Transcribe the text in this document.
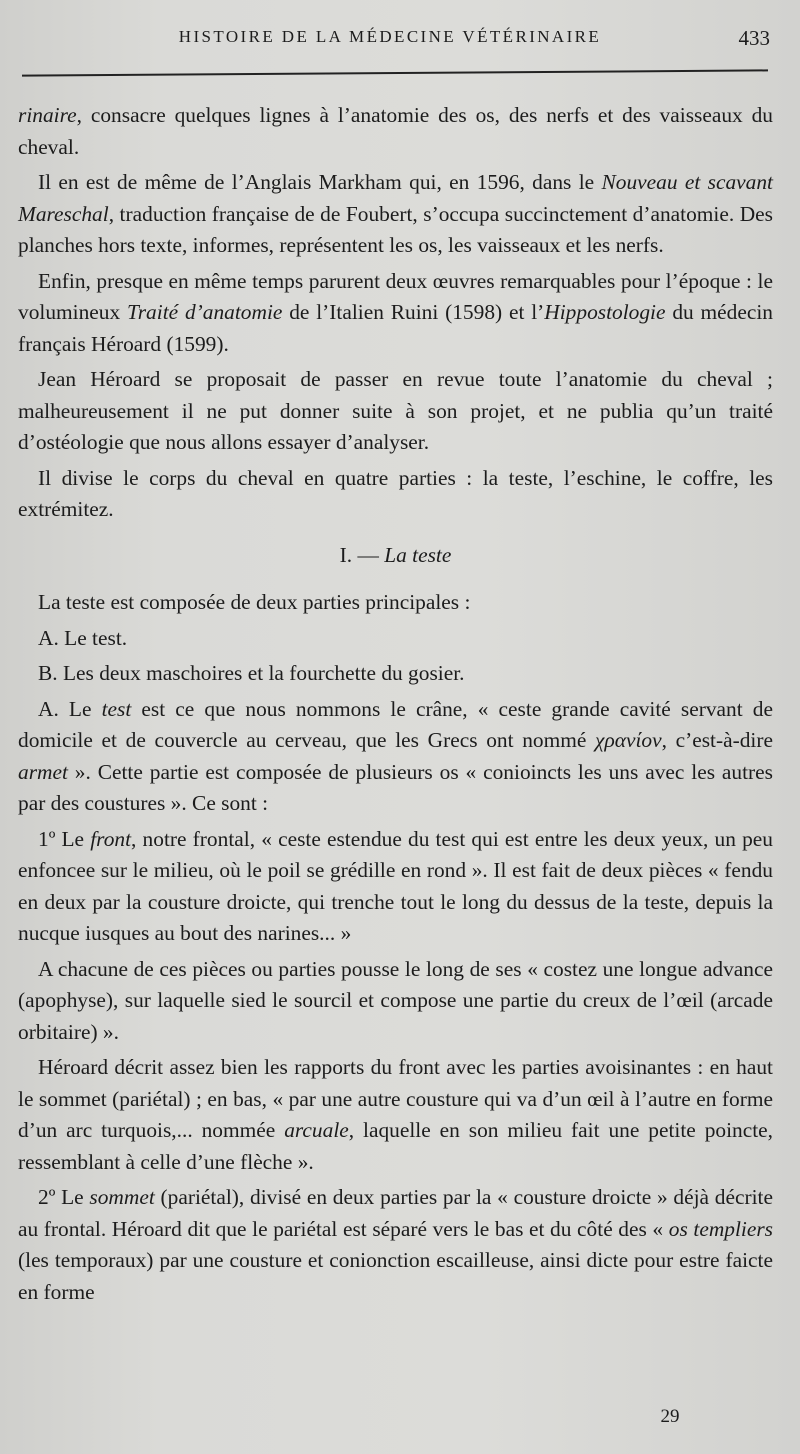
HISTOIRE DE LA MÉDECINE VÉTÉRINAIRE	433

rinaire, consacre quelques lignes à l’anatomie des os, des nerfs et des vaisseaux du cheval.

Il en est de même de l’Anglais Markham qui, en 1596, dans le Nouveau et scavant Mareschal, traduction française de de Foubert, s’occupa succinctement d’anatomie. Des planches hors texte, informes, représentent les os, les vaisseaux et les nerfs.

Enfin, presque en même temps parurent deux œuvres remarquables pour l’époque : le volumineux Traité d’anatomie de l’Italien Ruini (1598) et l’Hippostologie du médecin français Héroard (1599).

Jean Héroard se proposait de passer en revue toute l’anatomie du cheval ; malheureusement il ne put donner suite à son projet, et ne publia qu’un traité d’ostéologie que nous allons essayer d’analyser.

Il divise le corps du cheval en quatre parties : la teste, l’eschine, le coffre, les extrémitez.

I. — La teste

La teste est composée de deux parties principales :

A. Le test.

B. Les deux maschoires et la fourchette du gosier.

A. Le test est ce que nous nommons le crâne, « ceste grande cavité servant de domicile et de couvercle au cerveau, que les Grecs ont nommé χρανίον, c’est-à-dire armet ». Cette partie est composée de plusieurs os « conioincts les uns avec les autres par des coustures ». Ce sont :

1º Le front, notre frontal, « ceste estendue du test qui est entre les deux yeux, un peu enfoncee sur le milieu, où le poil se grédille en rond ». Il est fait de deux pièces « fendu en deux par la cousture droicte, qui trenche tout le long du dessus de la teste, depuis la nucque iusques au bout des narines... »

A chacune de ces pièces ou parties pousse le long de ses « costez une longue advance (apophyse), sur laquelle sied le sourcil et compose une partie du creux de l’œil (arcade orbitaire) ».

Héroard décrit assez bien les rapports du front avec les parties avoisinantes : en haut le sommet (pariétal) ; en bas, « par une autre cousture qui va d’un œil à l’autre en forme d’un arc turquois,... nommée arcuale, laquelle en son milieu fait une petite poincte, ressemblant à celle d’une flèche ».

2º Le sommet (pariétal), divisé en deux parties par la « cousture droicte » déjà décrite au frontal. Héroard dit que le pariétal est séparé vers le bas et du côté des « os templiers (les temporaux) par une cousture et conionction escailleuse, ainsi dicte pour estre faicte en forme

29
